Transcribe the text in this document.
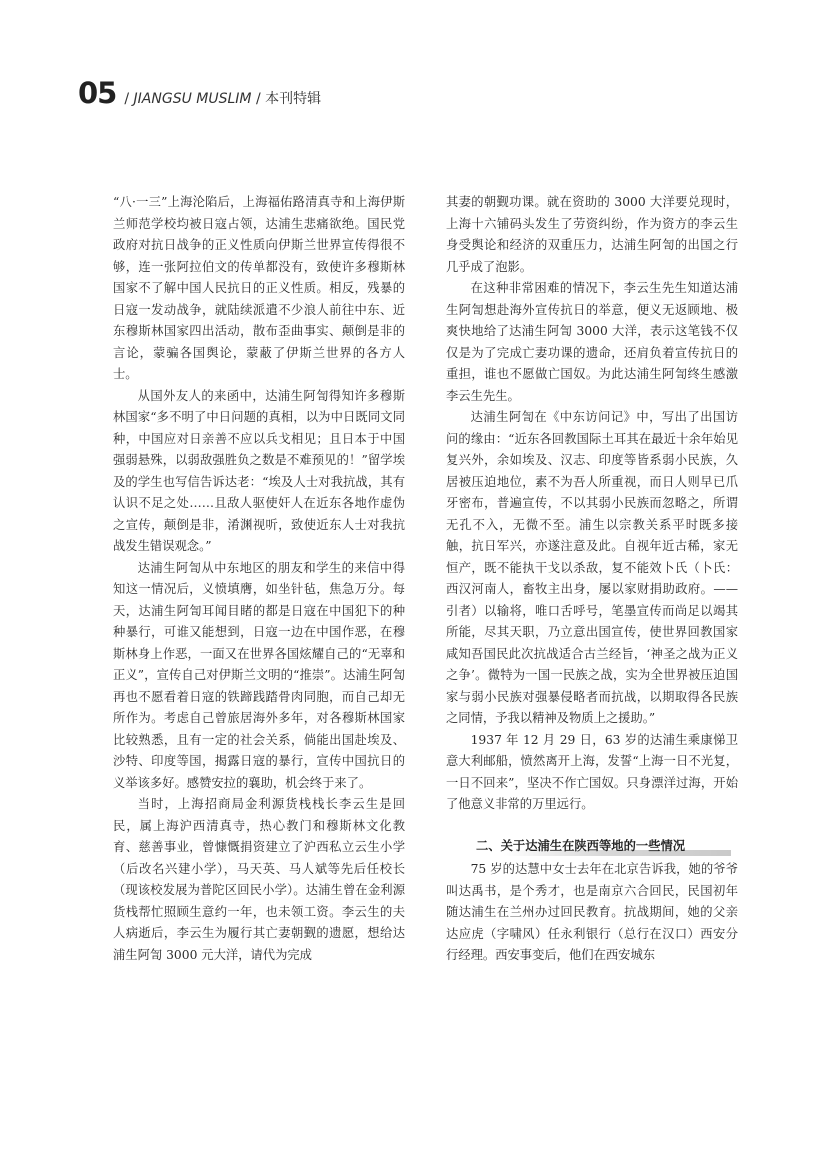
05 / JIANGSU MUSLIM / 本刊特辑

“八·一三”上海沦陷后，上海福佑路清真寺和上海伊斯兰师范学校均被日寇占领，达浦生悲痛欲绝。国民党政府对抗日战争的正义性质向伊斯兰世界宣传得很不够，连一张阿拉伯文的传单都没有，致使许多穆斯林国家不了解中国人民抗日的正义性质。相反，残暴的日寇一发动战争，就陆续派遣不少浪人前往中东、近东穆斯林国家四出活动，散布歪曲事实、颠倒是非的言论，蒙骗各国舆论，蒙蔽了伊斯兰世界的各方人士。

从国外友人的来函中，达浦生阿訇得知许多穆斯林国家“多不明了中日问题的真相，以为中日既同文同种，中国应对日亲善不应以兵戈相见；且日本于中国强弱悬殊，以弱敌强胜负之数是不难预见的！”留学埃及的学生也写信告诉达老：“埃及人士对我抗战，其有认识不足之处……且敌人驱使奸人在近东各地作虚伪之宣传，颠倒是非，淆渊视听，致使近东人士对我抗战发生错误观念。”

达浦生阿訇从中东地区的朋友和学生的来信中得知这一情况后，义愤填膺，如坐针毡，焦急万分。每天，达浦生阿訇耳闻目睹的都是日寇在中国犯下的种种暴行，可谁又能想到，日寇一边在中国作恶，在穆斯林身上作恶，一面又在世界各国炫耀自己的“无辜和正义”，宣传自己对伊斯兰文明的“推崇”。达浦生阿訇再也不愿看着日寇的铁蹄践踏骨肉同胞，而自己却无所作为。考虑自己曾旅居海外多年，对各穆斯林国家比较熟悉，且有一定的社会关系，倘能出国赴埃及、沙特、印度等国，揭露日寇的暴行，宣传中国抗日的义举该多好。感赞安拉的襄助，机会终于来了。

当时，上海招商局金利源货栈栈长李云生是回民，属上海沪西清真寺，热心教门和穆斯林文化教育、慈善事业，曾慷慨捐资建立了沪西私立云生小学（后改名兴建小学），马天英、马人斌等先后任校长（现该校发展为普陀区回民小学）。达浦生曾在金利源货栈帮忙照顾生意约一年，也未领工资。李云生的夫人病逝后，李云生为履行其亡妻朝觐的遗愿，想给达浦生阿訇 3000 元大洋，请代为完成

其妻的朝觐功课。就在资助的 3000 大洋要兑现时，上海十六铺码头发生了劳资纠纷，作为资方的李云生身受舆论和经济的双重压力，达浦生阿訇的出国之行几乎成了泡影。

在这种非常困难的情况下，李云生先生知道达浦生阿訇想赴海外宣传抗日的举意，便义无返顾地、极爽快地给了达浦生阿訇 3000 大洋，表示这笔钱不仅仅是为了完成亡妻功课的遗命，还肩负着宣传抗日的重担，谁也不愿做亡国奴。为此达浦生阿訇终生感激李云生先生。

达浦生阿訇在《中东访问记》中，写出了出国访问的缘由：“近东各回教国际土耳其在最近十余年始见复兴外，余如埃及、汉志、印度等皆系弱小民族，久居被压迫地位，素不为吾人所重视，而日人则早已爪牙密布，普遍宣传，不以其弱小民族而忽略之，所谓无孔不入，无微不至。浦生以宗教关系平时既多接触，抗日军兴，亦遂注意及此。自视年近古稀，家无恒产，既不能执干戈以杀敌，复不能效卜氏（卜氏：西汉河南人，畜牧主出身，屡以家财捐助政府。——引者）以输将，唯口舌呼号，笔墨宣传而尚足以竭其所能，尽其天职，乃立意出国宣传，使世界回教国家咸知吾国民此次抗战适合古兰经旨，‘神圣之战为正义之争’。微特为一国一民族之战，实为全世界被压迫国家与弱小民族对强暴侵略者而抗战，以期取得各民族之同情，予我以精神及物质上之援助。”

1937 年 12 月 29 日，63 岁的达浦生乘康悌卫意大利邮船，愤然离开上海，发誓“上海一日不光复，一日不回来”，坚决不作亡国奴。只身漂洋过海，开始了他意义非常的万里远行。

二、关于达浦生在陕西等地的一些情况

75 岁的达慧中女士去年在北京告诉我，她的爷爷叫达禹书，是个秀才，也是南京六合回民，民国初年随达浦生在兰州办过回民教育。抗战期间，她的父亲达应虎（字啸风）任永利银行（总行在汉口）西安分行经理。西安事变后，他们在西安城东
